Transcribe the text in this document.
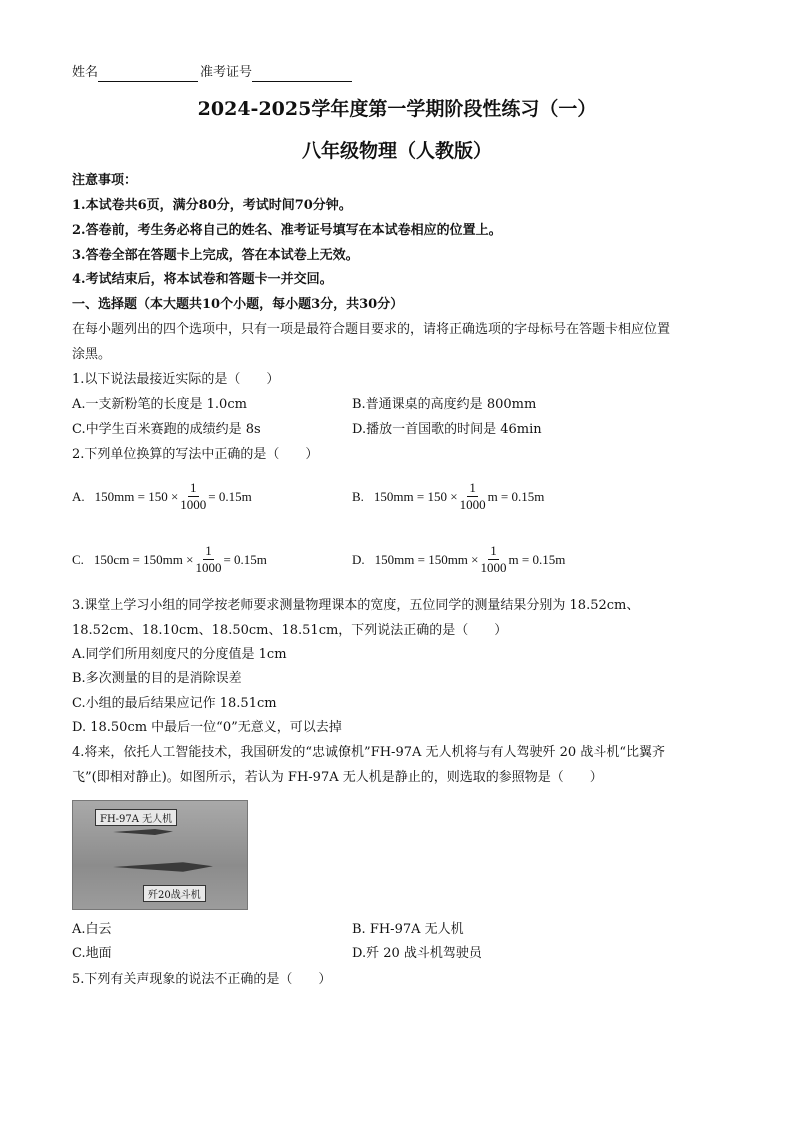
姓名	准考证号
2024-2025学年度第一学期阶段性练习（一）
八年级物理（人教版）
注意事项：
1.本试卷共6页，满分80分，考试时间70分钟。
2.答卷前，考生务必将自己的姓名、准考证号填写在本试卷相应的位置上。
3.答卷全部在答题卡上完成，答在本试卷上无效。
4.考试结束后，将本试卷和答题卡一并交回。
一、选择题（本大题共10个小题，每小题3分，共30分）
在每小题列出的四个选项中，只有一项是最符合题目要求的，请将正确选项的字母标号在答题卡相应位置
涂黑。
1.以下说法最接近实际的是（　　）
A.一支新粉笔的长度是 1.0cm	B.普通课桌的高度约是 800mm
C.中学生百米赛跑的成绩约是 8s	D.播放一首国歌的时间是 46min
2.下列单位换算的写法中正确的是（　　）
A. $150mm = 150 \times \frac{1}{1000} = 0.15m$	B. $150mm = 150 \times \frac{1}{1000}$ m = 0.15m
C. $150cm = 150mm \times \frac{1}{1000} = 0.15m$	D. $150mm = 150mm \times \frac{1}{1000}$ m = 0.15m
3.课堂上学习小组的同学按老师要求测量物理课本的宽度，五位同学的测量结果分别为 18.52cm、
18.52cm、18.10cm、18.50cm、18.51cm，下列说法正确的是（　　）
A.同学们所用刻度尺的分度值是 1cm
B.多次测量的目的是消除误差
C.小组的最后结果应记作 18.51cm
D. 18.50cm 中最后一位“0”无意义，可以去掉
4.将来，依托人工智能技术，我国研发的“忠诚僚机”FH-97A 无人机将与有人驾驶歼 20 战斗机“比翼齐
飞”(即相对静止)。如图所示，若认为 FH-97A 无人机是静止的，则选取的参照物是（　　）
FH-97A 无人机
歼20战斗机
A.白云	B. FH-97A 无人机
C.地面	D.歼 20 战斗机驾驶员
5.下列有关声现象的说法不正确的是（　　）
